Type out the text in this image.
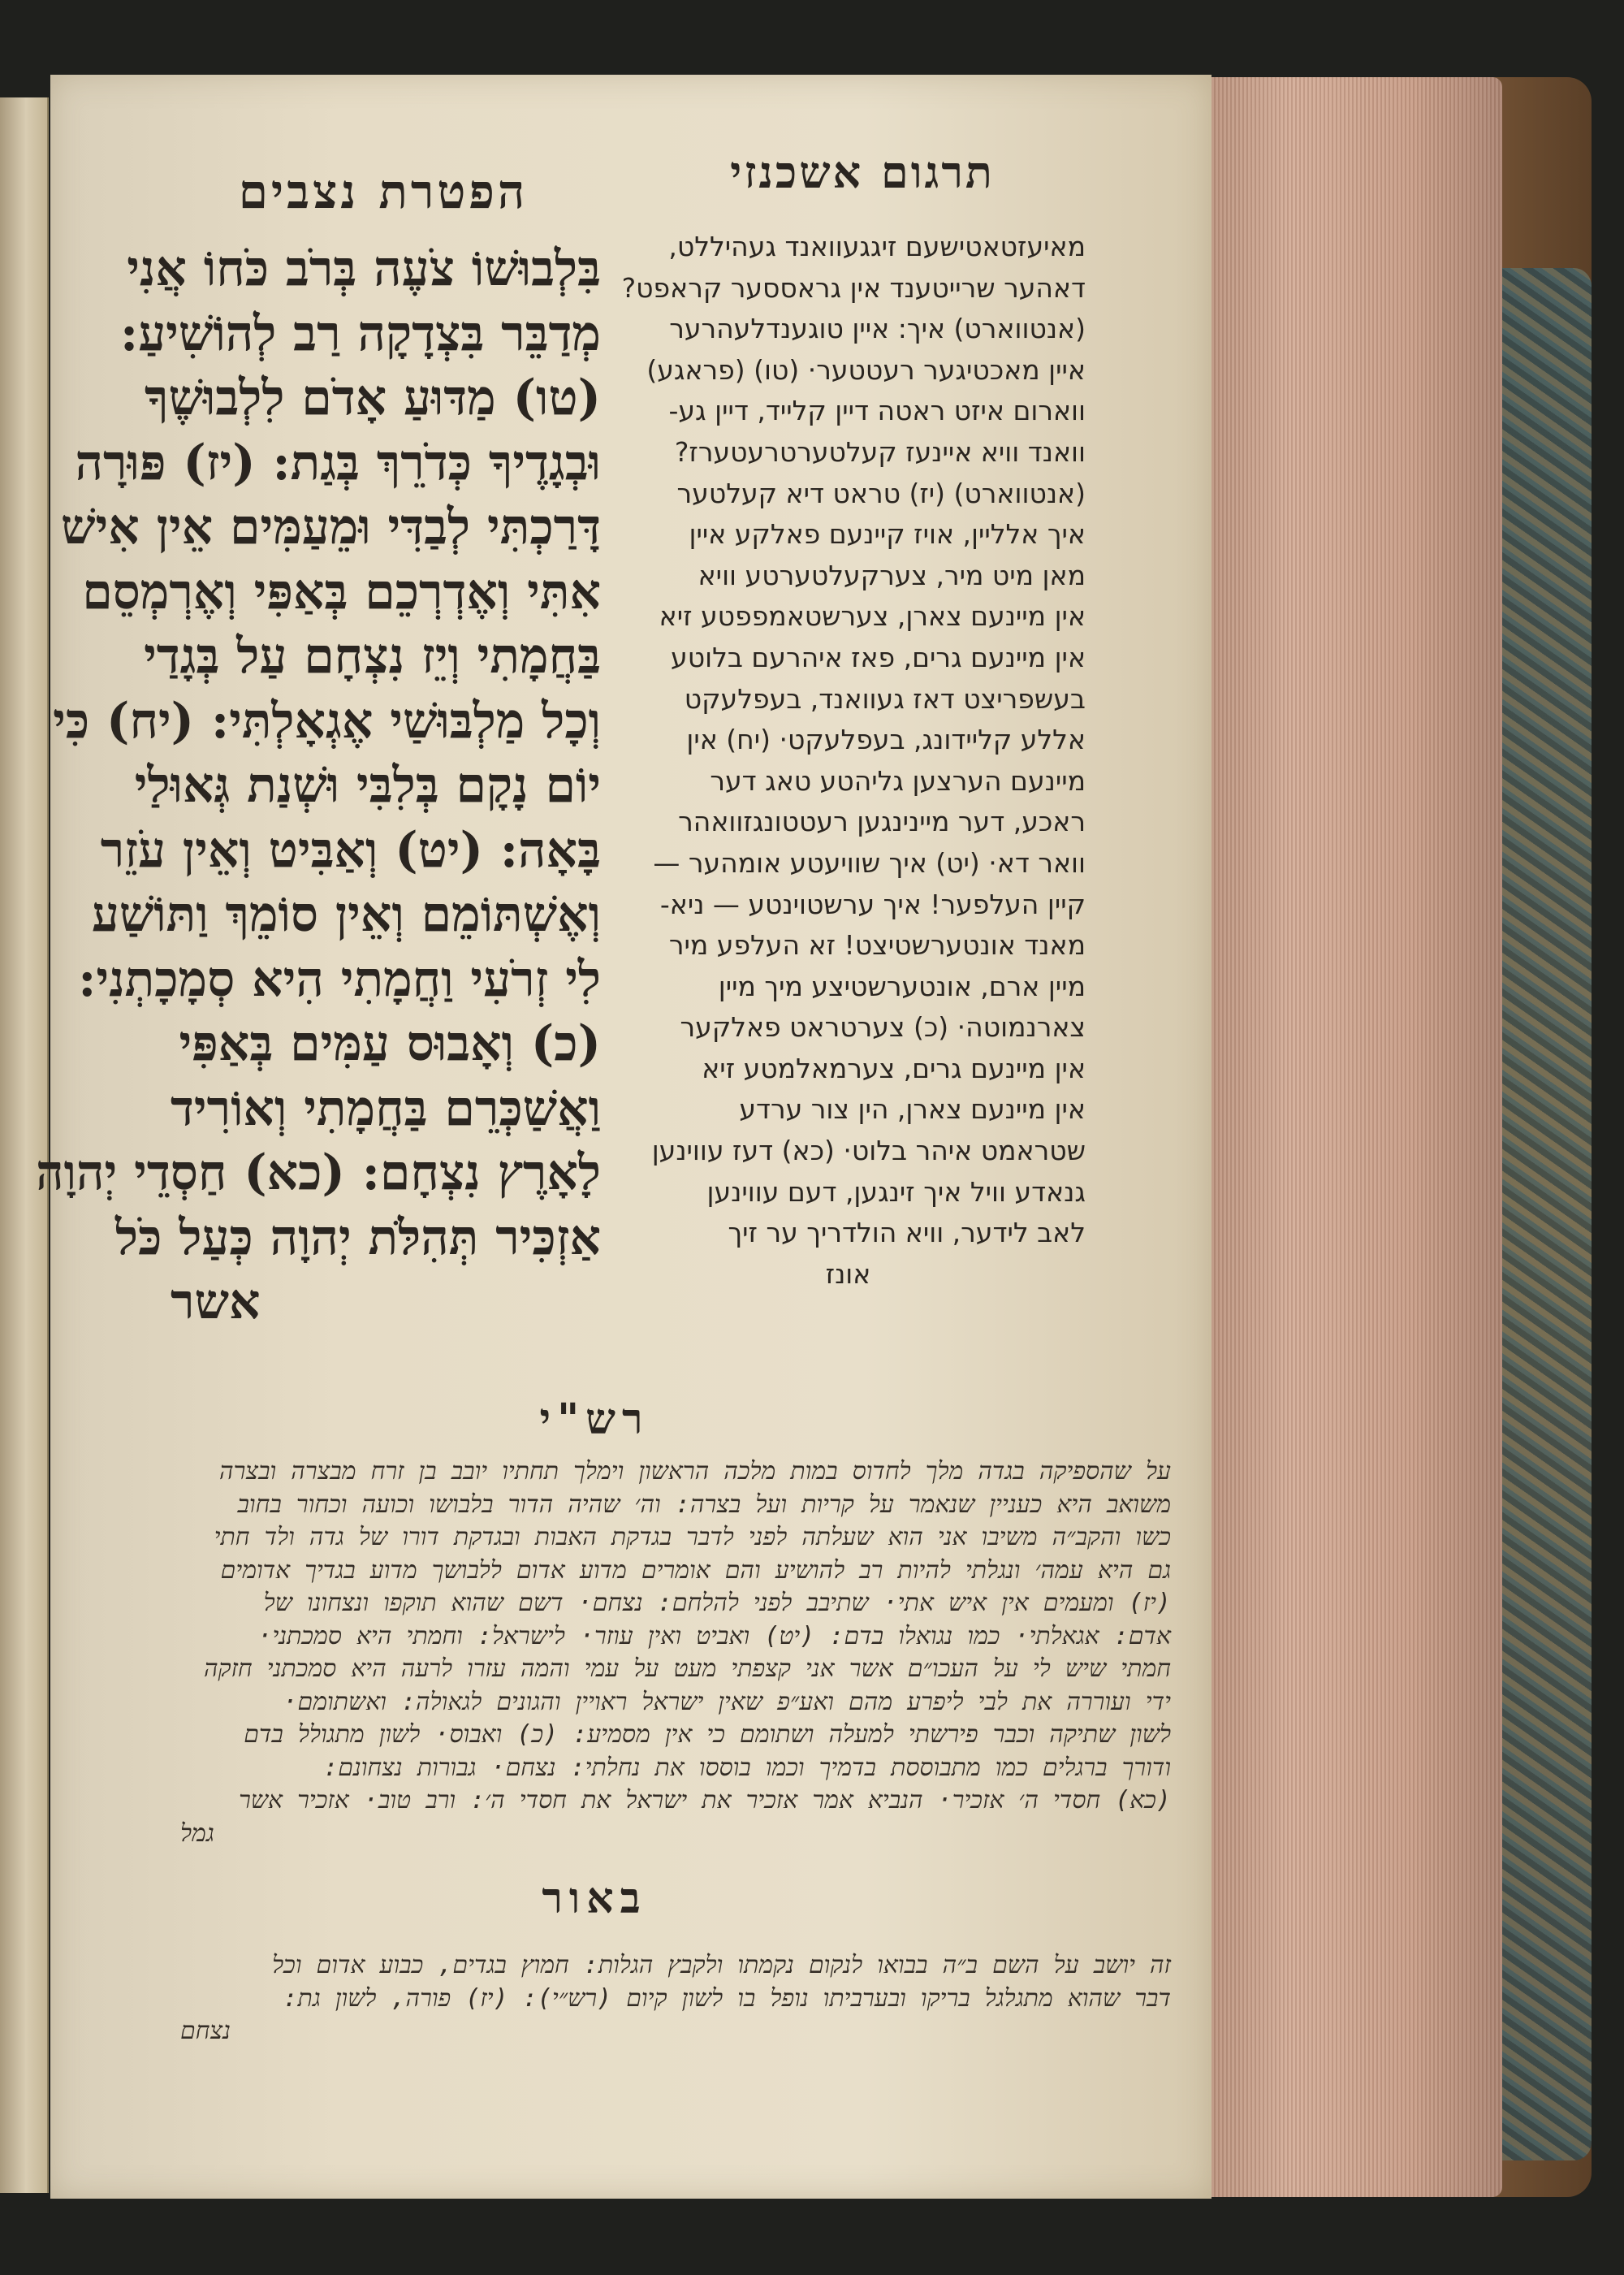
הפטרת נצבים	תרגום אשכנזי
בִּלְבוּשׁוֹ צֹעֶה בְּרֹב כֹּחוֹ אֲנִי
מְדַבֵּר בִּצְדָקָה רַב לְהוֹשִׁיעַ:
(טו) מַדּוּעַ אָדֹם לִלְבוּשֶׁךָ
וּבְגָדֶיךָ כְּדֹרֵךְ בְּגַת: (יז) פּוּרָה
דָּרַכְתִּי לְבַדִּי וּמֵעַמִּים אֵין אִישׁ
אִתִּי וְאֶדְרְכֵם בְּאַפִּי וְאֶרְמְסֵם
בַּחֲמָתִי וְיֵז נִצְחָם עַל בְּגָדַי
וְכָל מַלְבּוּשַׁי אֶגְאָלְתִּי: (יח) כִּי
יוֹם נָקָם בְּלִבִּי וּשְׁנַת גְּאוּלַי
בָּאָה: (יט) וְאַבִּיט וְאֵין עֹזֵר
וְאֶשְׁתּוֹמֵם וְאֵין סוֹמֵךְ וַתּוֹשַׁע
לִי זְרֹעִי וַחֲמָתִי הִיא סְמָכָתְנִי:
(כ) וְאָבוּס עַמִּים בְּאַפִּי
וַאֲשַׁכְּרֵם בַּחֲמָתִי וְאוֹרִיד
לָאָרֶץ נִצְחָם: (כא) חַסְדֵי יְהוָה
אַזְכִּיר תְּהִלֹּת יְהוָה כְּעַל כֹּל
אשר
מאיעזטאטישעם זיגגעוואנד געהיללט,
דאהער שרייטענד אין גראססער קראפט?
(אנטווארט) איך: איין טוגענדלעהרער
איין מאכטיגער רעטטער· (טו) (פראגע)
ווארום איזט ראטה דיין קלייד, דיין גע-
וואנד וויא איינעז קעלטערטרעטערז?
(אנטווארט) (יז) טראט דיא קעלטער
איך אלליין, אויז קיינעם פאלקע איין
מאן מיט מיר, צערקעלטערטע וויא
אין מיינעם צארן, צערשטאמפפטע זיא
אין מיינעם גרים, פאז איהרעם בלוטע
בעשפריצט דאז געוואנד, בעפלעקט
אללע קליידונג, בעפלעקט· (יח) אין
מיינעם הערצען גליהטע טאג דער
ראכע, דער מיינינגען רעטטונגזוואהר
וואר דא· (יט) איך שוויעטע אומהער —
קיין העלפער! איך ערשטוינטע — ניא-
מאנד אונטערשטיצט! זא העלפע מיר
מיין ארם, אונטערשטיצע מיך מיין
צארנמוטה· (כ) צערטראט פאלקער
אין מיינעם גרים, צערמאלמטע זיא
אין מיינעם צארן, הין צור ערדע
שטראמט איהר בלוט· (כא) דעז עווינען
גנאדע וויל איך זינגען, דעם עווינען
לאב לידער, וויא הולדריך ער זיך
אונז
רש"י
על שהספיקה בגדה מלך לחדוס במות מלכה הראשון וימלך תחתיו יובב בן זרח מבצרה ובצרה
משואב היא כעניין שנאמר על קריות ועל בצרה: וה׳ שהיה הדור בלבושו וכועה וכחור בחוב
כשו והקב״ה משיבו אני הוא שעלתה לפני לדבר בגדקת האבות ובגדקת דורו של גדה ולד חתי
גם היא עמה׳ ונגלתי להיות רב להושיע והם אומרים מדוע אדום ללבושך מדוע בגדיך אדומים
(יז) ומעמים אין איש אתי· שתיבב לפני להלחם: נצחם· דשם שהוא תוקפו ונצחונו של
אדם: אגאלתי· כמו נגואלו בדם: (יט) ואביט ואין עוזר· לישראל: וחמתי היא סמכתני·
חמתי שיש לי על העכו״ם אשר אני קצפתי מעט על עמי והמה עזרו לרעה היא סמכתני חזקה
ידי ועוררה את לבי ליפרע מהם ואע״פ שאין ישראל ראויין והגונים לגאולה: ואשתומם·
לשון שתיקה וכבר פירשתי למעלה ושתומם כי אין מסמיע: (כ) ואבוס· לשון מתגולל בדם
ודורך ברגלים כמו מתבוססת בדמיך וכמו בוססו את נחלתי: נצחם· גבורות נצחונם:
(כא) חסדי ה׳ אזכיר· הנביא אמר אזכיר את ישראל את חסדי ה׳: ורב טוב· אזכיר אשר
גמל
באור
זה יושב על השם ב״ה בבואו לנקום נקמתו ולקבץ הגלות: חמוץ בגדים, כבוע אדום וכל
דבר שהוא מתגלגל בריקו ובערביתו נופל בו לשון קיום (רש״י): (יז) פורה, לשון גת:
נצחם
